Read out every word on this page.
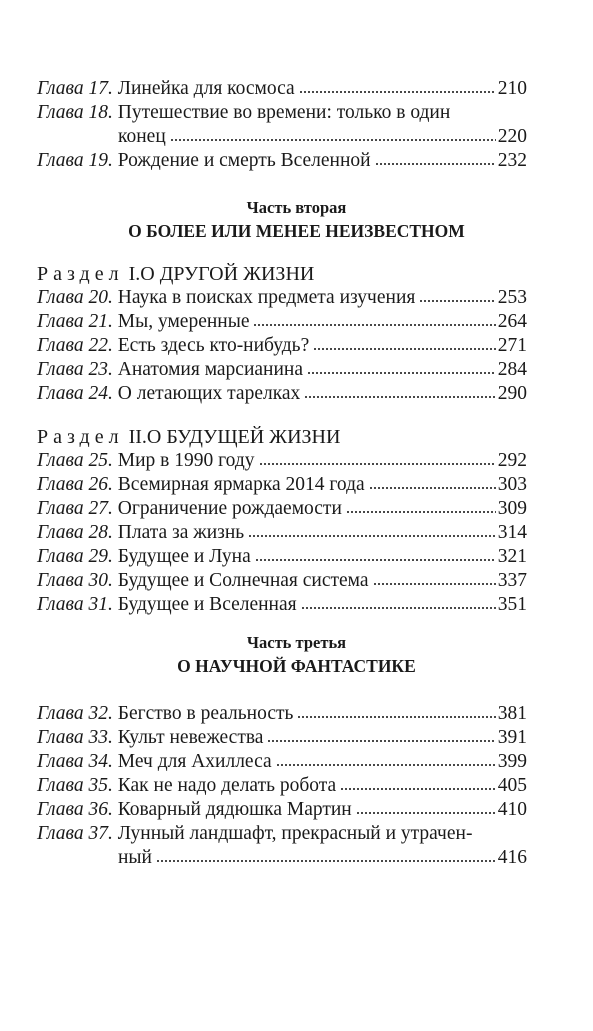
Глава 17. Линейка для космоса	210
Глава 18. Путешествие во времени: только в один
конец	220
Глава 19. Рождение и смерть Вселенной	232
Часть вторая
О БОЛЕЕ ИЛИ МЕНЕЕ НЕИЗВЕСТНОМ
Раздел I.О ДРУГОЙ ЖИЗНИ
Глава 20. Наука в поисках предмета изучения	253
Глава 21. Мы, умеренные	264
Глава 22. Есть здесь кто-нибудь?	271
Глава 23. Анатомия марсианина	284
Глава 24. О летающих тарелках	290
Раздел II.О БУДУЩЕЙ ЖИЗНИ
Глава 25. Мир в 1990 году	292
Глава 26. Всемирная ярмарка 2014 года	303
Глава 27. Ограничение рождаемости	309
Глава 28. Плата за жизнь	314
Глава 29. Будущее и Луна	321
Глава 30. Будущее и Солнечная система	337
Глава 31. Будущее и Вселенная	351
Часть третья
О НАУЧНОЙ ФАНТАСТИКЕ
Глава 32. Бегство в реальность	381
Глава 33. Культ невежества	391
Глава 34. Меч для Ахиллеса	399
Глава 35. Как не надо делать робота	405
Глава 36. Коварный дядюшка Мартин	410
Глава 37. Лунный ландшафт, прекрасный и утрачен-
ный	416
